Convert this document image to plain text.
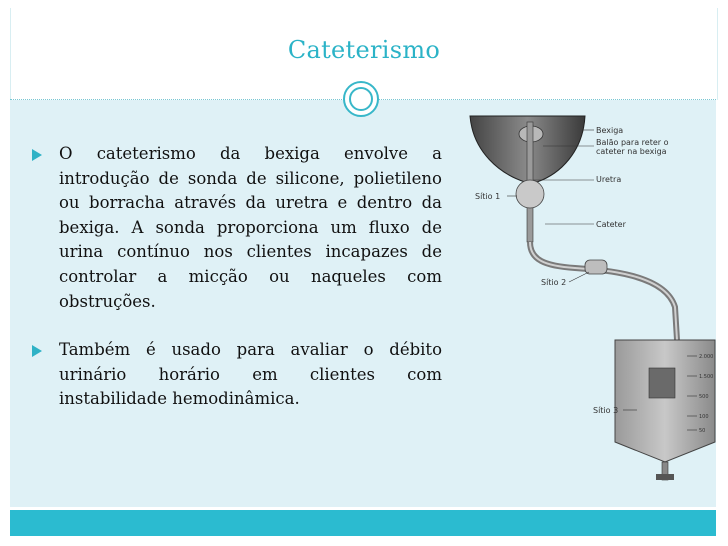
Cateterismo
O cateterismo da bexiga envolve a introdução de sonda de silicone, polietileno ou borracha através da uretra e dentro da bexiga. A sonda proporciona um fluxo de urina contínuo nos clientes incapazes de controlar a micção ou naqueles com obstruções.
Também é usado para avaliar o débito urinário horário em clientes com instabilidade hemodinâmica.
2.000
1.500
500
100
50
Bexiga
Balão para reter o
cateter na bexiga
Uretra
Sítio 1
Cateter
Sítio 2
Sítio 3
